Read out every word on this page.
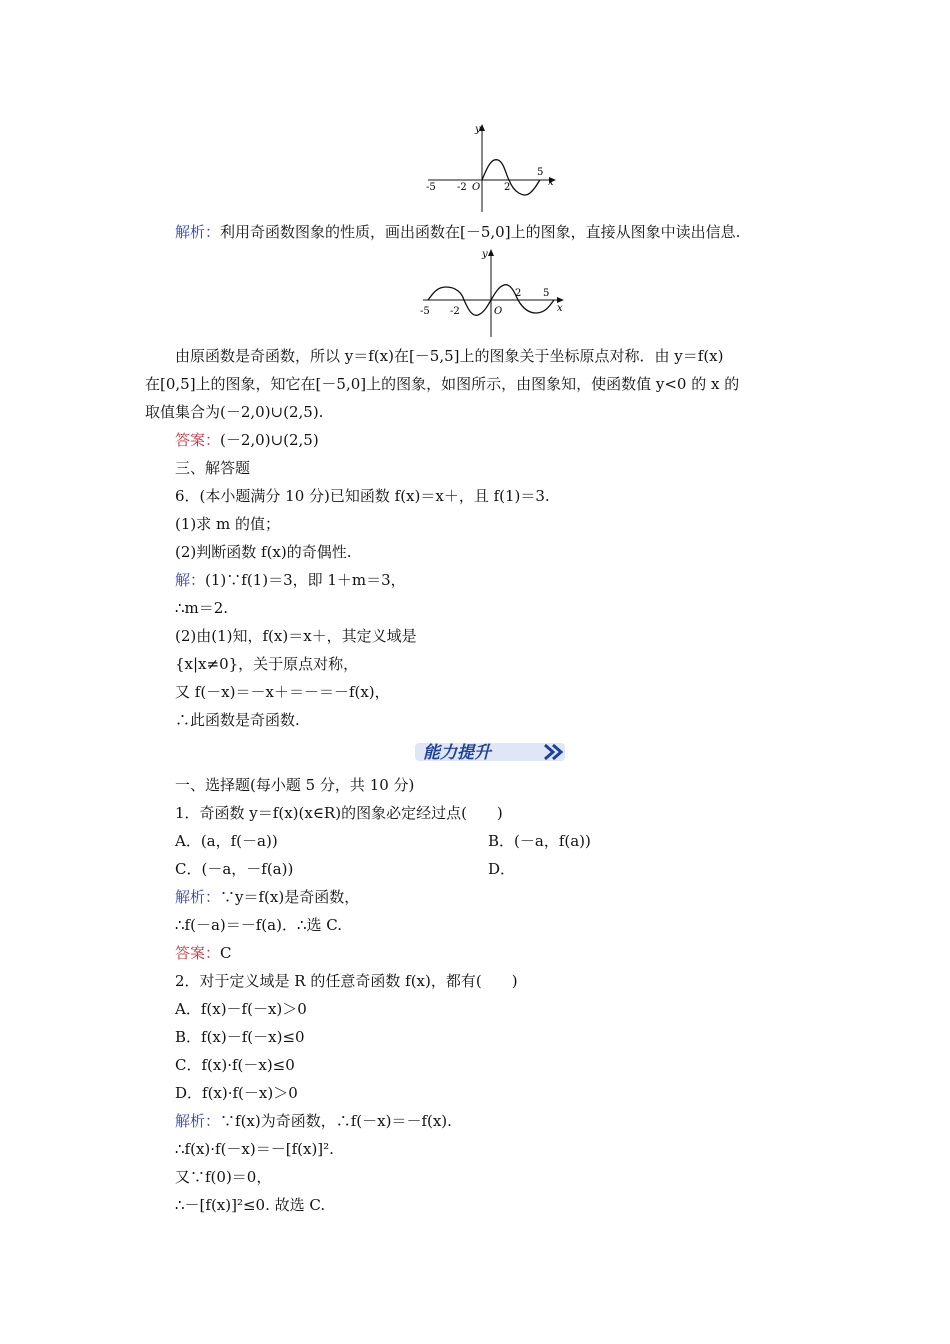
y
x
O
-5 -2	2
5
解析：利用奇函数图象的性质，画出函数在[－5,0]上的图象，直接从图象中读出信息.
y
x
O
-5 -2
2 5
由原函数是奇函数，所以 y＝f(x)在[－5,5]上的图象关于坐标原点对称．由 y＝f(x)
在[0,5]上的图象，知它在[－5,0]上的图象，如图所示，由图象知，使函数值 y<0 的 x 的
取值集合为(－2,0)∪(2,5).
答案：(－2,0)∪(2,5)
三、解答题
6．(本小题满分 10 分)已知函数 f(x)＝x＋，且 f(1)＝3.
(1)求 m 的值；
(2)判断函数 f(x)的奇偶性.
解：(1)∵f(1)＝3，即 1＋m＝3，
∴m＝2.
(2)由(1)知，f(x)＝x＋，其定义域是
{x|x≠0}，关于原点对称，
又 f(－x)＝－x＋＝－＝－f(x)，
∴此函数是奇函数.
能力提升
一、选择题(每小题 5 分，共 10 分)
1．奇函数 y＝f(x)(x∈R)的图象必定经过点(　　)
A．(a，f(－a))	B．(－a，f(a))
C．(－a，－f(a))	D．
解析：∵y＝f(x)是奇函数，
∴f(－a)＝－f(a)．∴选 C.
答案：C
2．对于定义域是 R 的任意奇函数 f(x)，都有(　　)
A．f(x)－f(－x)＞0
B．f(x)－f(－x)≤0
C．f(x)·f(－x)≤0
D．f(x)·f(－x)＞0
解析：∵f(x)为奇函数，∴f(－x)＝－f(x).
∴f(x)·f(－x)＝－[f(x)]².
又∵f(0)＝0，
∴－[f(x)]²≤0. 故选 C.
